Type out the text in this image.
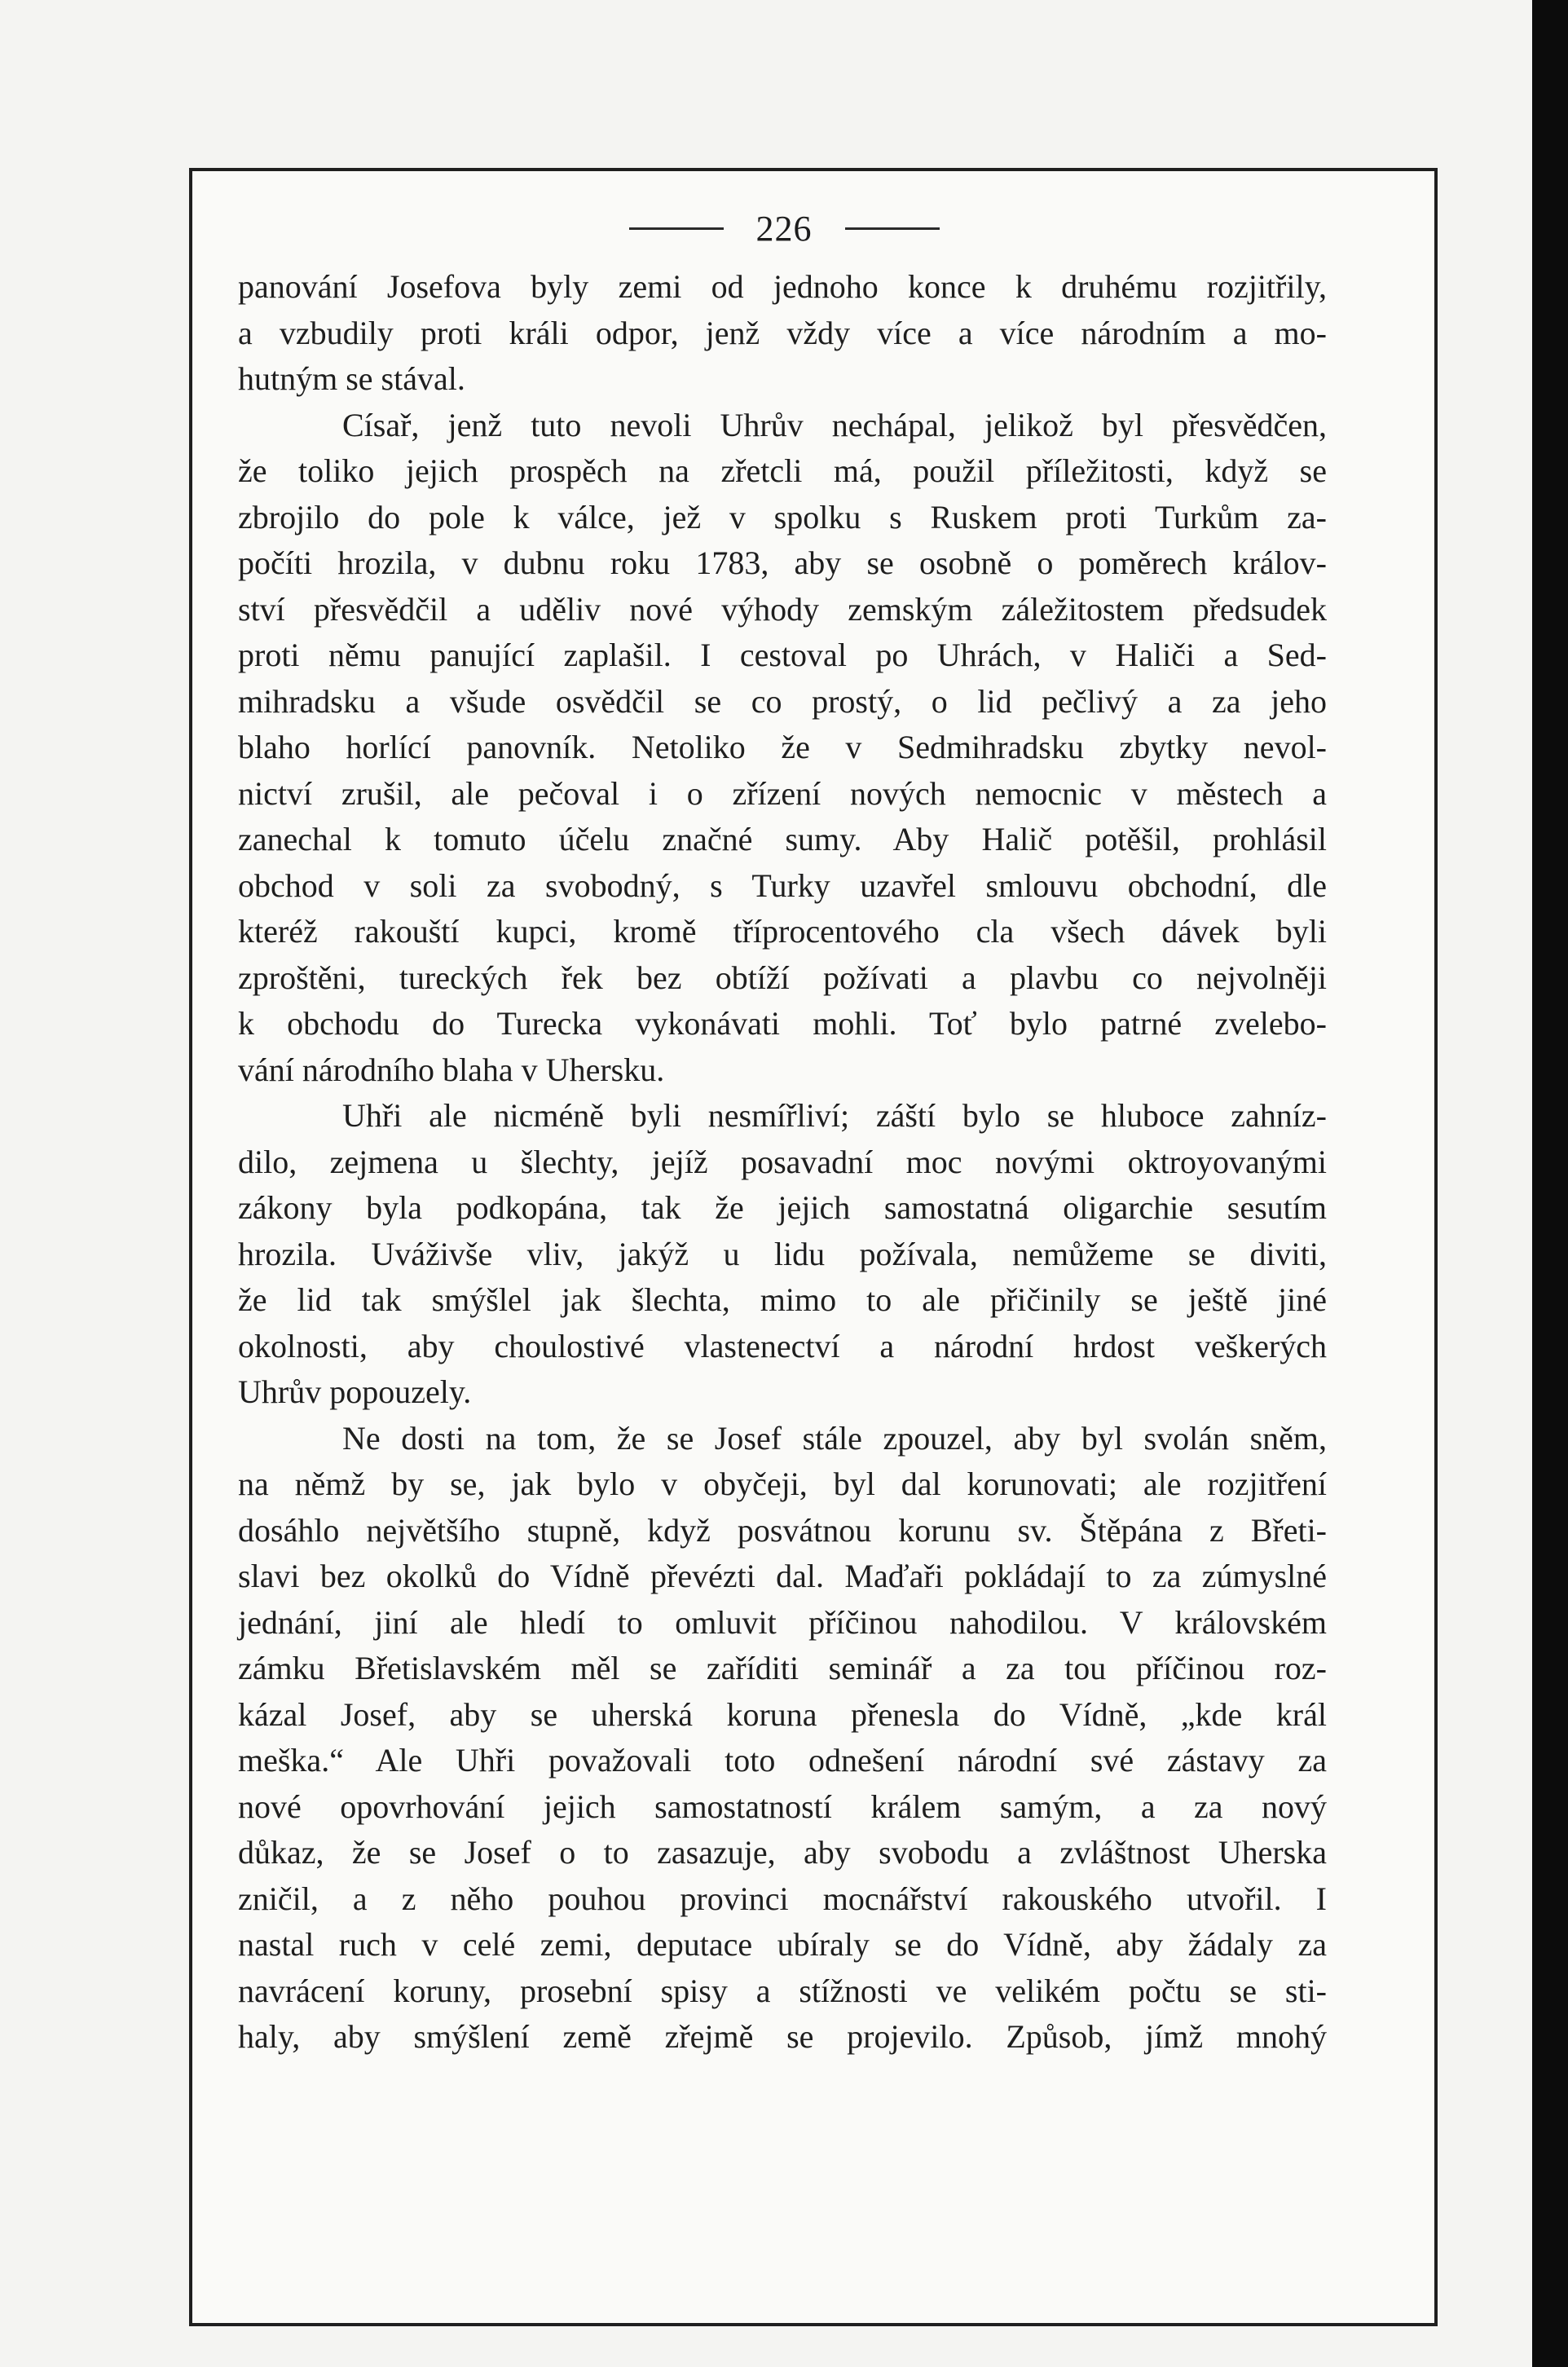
226
panování Josefova byly zemi od jednoho konce k druhému rozjitřily,
a vzbudily proti králi odpor, jenž vždy více a více národním a mo-
hutným se stával.
Císař, jenž tuto nevoli Uhrův nechápal, jelikož byl přesvědčen,
že toliko jejich prospěch na zřetcli má, použil příležitosti, když se
zbrojilo do pole k válce, jež v spolku s Ruskem proti Turkům za-
počíti hrozila, v dubnu roku 1783, aby se osobně o poměrech králov-
ství přesvědčil a uděliv nové výhody zemským záležitostem předsudek
proti němu panující zaplašil. I cestoval po Uhrách, v Haliči a Sed-
mihradsku a všude osvědčil se co prostý, o lid pečlivý a za jeho
blaho horlící panovník. Netoliko že v Sedmihradsku zbytky nevol-
nictví zrušil, ale pečoval i o zřízení nových nemocnic v městech a
zanechal k tomuto účelu značné sumy. Aby Halič potěšil, prohlásil
obchod v soli za svobodný, s Turky uzavřel smlouvu obchodní, dle
kteréž rakouští kupci, kromě tříprocentového cla všech dávek byli
zproštěni, tureckých řek bez obtíží požívati a plavbu co nejvolněji
k obchodu do Turecka vykonávati mohli. Toť bylo patrné zvelebo-
vání národního blaha v Uhersku.
Uhři ale nicméně byli nesmířliví; záští bylo se hluboce zahníz-
dilo, zejmena u šlechty, jejíž posavadní moc novými oktroyovanými
zákony byla podkopána, tak že jejich samostatná oligarchie sesutím
hrozila. Uváživše vliv, jakýž u lidu požívala, nemůžeme se diviti,
že lid tak smýšlel jak šlechta, mimo to ale přičinily se ještě jiné
okolnosti, aby choulostivé vlastenectví a národní hrdost veškerých
Uhrův popouzely.
Ne dosti na tom, že se Josef stále zpouzel, aby byl svolán sněm,
na němž by se, jak bylo v obyčeji, byl dal korunovati; ale rozjitření
dosáhlo největšího stupně, když posvátnou korunu sv. Štěpána z Břeti-
slavi bez okolků do Vídně převézti dal. Maďaři pokládají to za zúmyslné
jednání, jiní ale hledí to omluvit příčinou nahodilou. V královském
zámku Břetislavském měl se zaříditi seminář a za tou příčinou roz-
kázal Josef, aby se uherská koruna přenesla do Vídně, „kde král
meška.“ Ale Uhři považovali toto odnešení národní své zástavy za
nové opovrhování jejich samostatností králem samým, a za nový
důkaz, že se Josef o to zasazuje, aby svobodu a zvláštnost Uherska
zničil, a z něho pouhou provinci mocnářství rakouského utvořil. I
nastal ruch v celé zemi, deputace ubíraly se do Vídně, aby žádaly za
navrácení koruny, prosební spisy a stížnosti ve velikém počtu se sti-
haly, aby smýšlení země zřejmě se projevilo. Způsob, jímž mnohý
